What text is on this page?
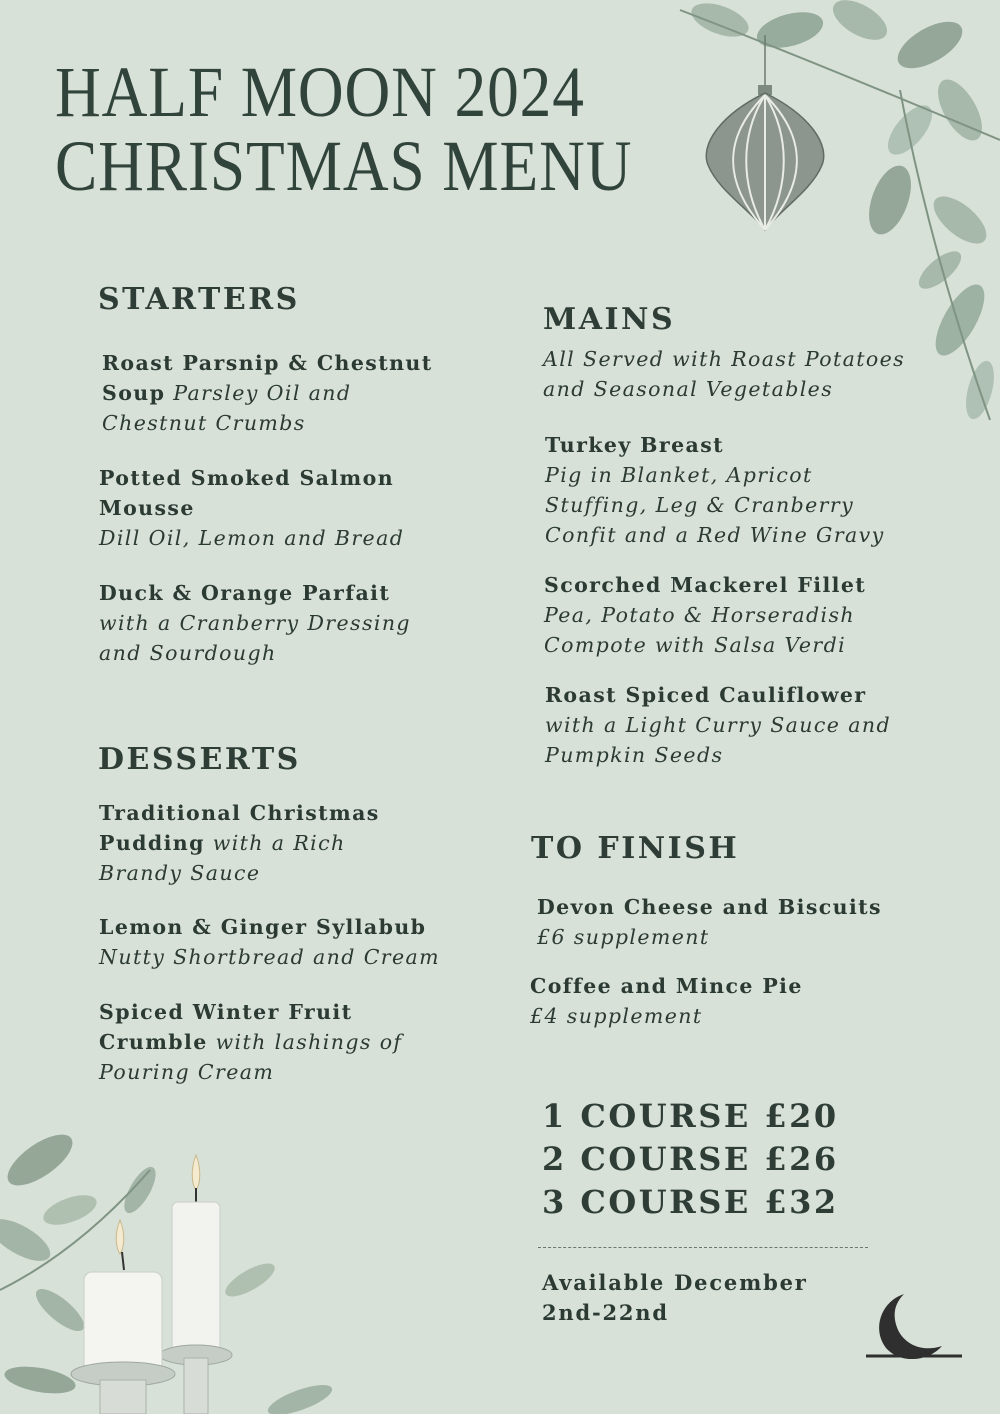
HALF MOON 2024
CHRISTMAS MENU
STARTERS
Roast Parsnip & Chestnut Soup Parsley Oil and Chestnut Crumbs
Potted Smoked Salmon Mousse
Dill Oil, Lemon and Bread
Duck & Orange Parfait
with a Cranberry Dressing and Sourdough
DESSERTS
Traditional Christmas Pudding with a Rich Brandy Sauce
Lemon & Ginger Syllabub
Nutty Shortbread and Cream
Spiced Winter Fruit Crumble with lashings of Pouring Cream
MAINS
All Served with Roast Potatoes and Seasonal Vegetables
Turkey Breast
Pig in Blanket, Apricot Stuffing, Leg & Cranberry Confit and a Red Wine Gravy
Scorched Mackerel Fillet
Pea, Potato & Horseradish Compote with Salsa Verdi
Roast Spiced Cauliflower
with a Light Curry Sauce and Pumpkin Seeds
TO FINISH
Devon Cheese and Biscuits
£6 supplement
Coffee and Mince Pie
£4 supplement
1 COURSE £20
2 COURSE £26
3 COURSE £32
Available December 2nd-22nd
